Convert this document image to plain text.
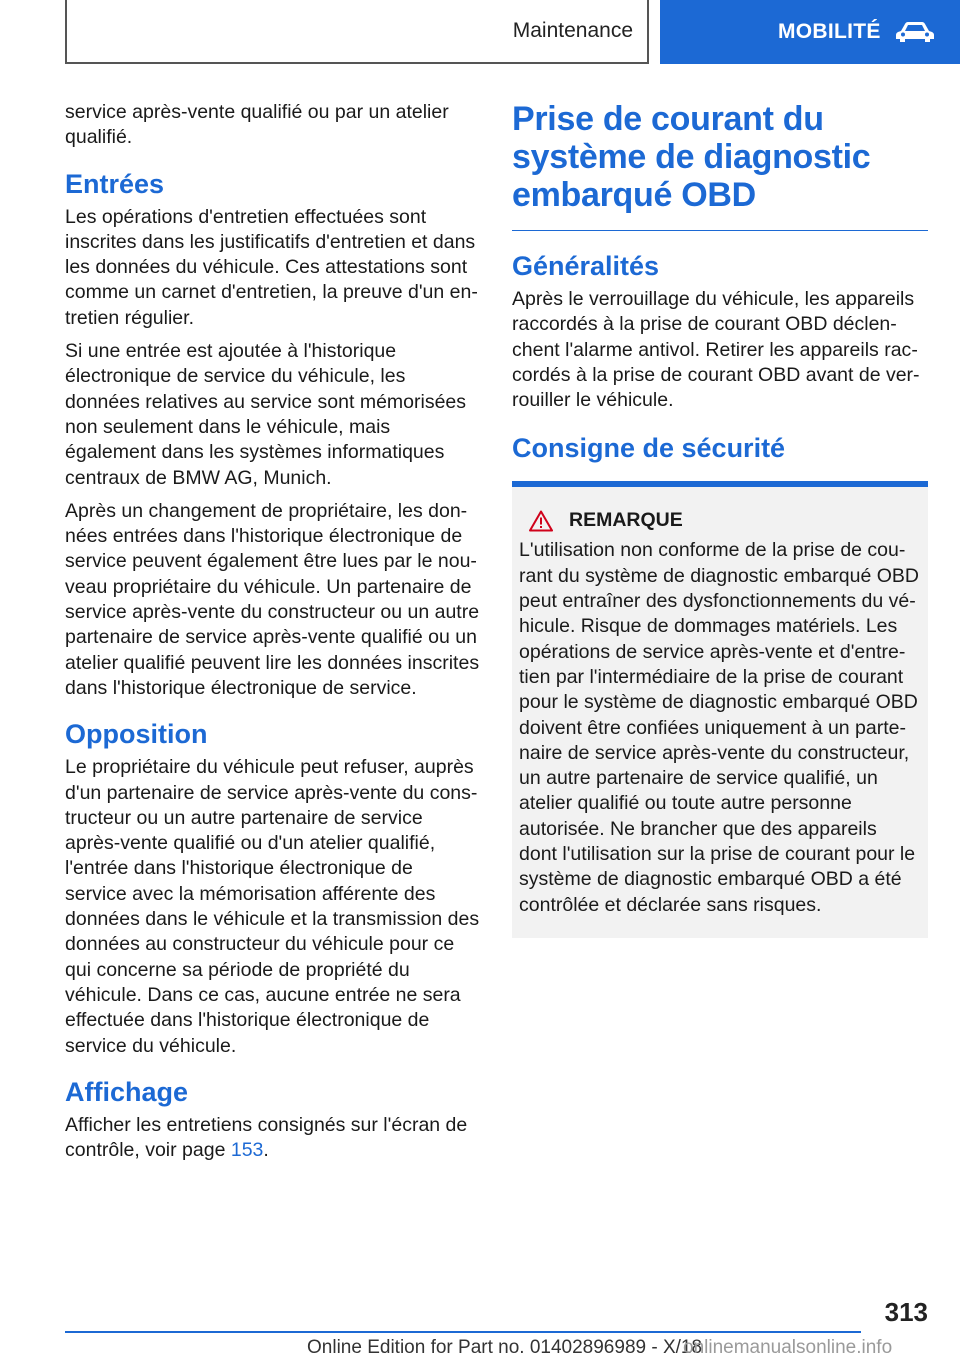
Maintenance	MOBILITÉ

service après-vente qualifié ou par un atelier qualifié.

Entrées

Les opérations d'entretien effectuées sont inscrites dans les justificatifs d'entretien et dans les données du véhicule. Ces attestations sont comme un carnet d'entretien, la preuve d'un entretien régulier.

Si une entrée est ajoutée à l'historique électronique de service du véhicule, les données relatives au service sont mémorisées non seulement dans le véhicule, mais également dans les systèmes informatiques centraux de BMW AG, Munich.

Après un changement de propriétaire, les données entrées dans l'historique électronique de service peuvent également être lues par le nouveau propriétaire du véhicule. Un partenaire de service après-vente du constructeur ou un autre partenaire de service après-vente qualifié ou un atelier qualifié peuvent lire les données inscrites dans l'historique électronique de service.

Opposition

Le propriétaire du véhicule peut refuser, auprès d'un partenaire de service après-vente du constructeur ou un autre partenaire de service après-vente qualifié ou d'un atelier qualifié, l'entrée dans l'historique électronique de service avec la mémorisation afférente des données dans le véhicule et la transmission des données au constructeur du véhicule pour ce qui concerne sa période de propriété du véhicule. Dans ce cas, aucune entrée ne sera effectuée dans l'historique électronique de service du véhicule.

Affichage

Afficher les entretiens consignés sur l'écran de contrôle, voir page 153.

Prise de courant du système de diagnostic embarqué OBD
Généralités

Après le verrouillage du véhicule, les appareils raccordés à la prise de courant OBD déclenchent l'alarme antivol. Retirer les appareils raccordés à la prise de courant OBD avant de verrouiller le véhicule.

Consigne de sécurité
REMARQUE

L'utilisation non conforme de la prise de courant du système de diagnostic embarqué OBD peut entraîner des dysfonctionnements du véhicule. Risque de dommages matériels. Les opérations de service après-vente et d'entretien par l'intermédiaire de la prise de courant pour le système de diagnostic embarqué OBD doivent être confiées uniquement à un partenaire de service après-vente du constructeur, un autre partenaire de service qualifié, un atelier qualifié ou toute autre personne autorisée. Ne brancher que des appareils dont l'utilisation sur la prise de courant pour le système de diagnostic embarqué OBD a été contrôlée et déclarée sans risques.

313
Online Edition for Part no. 01402896989 - X/18
onlinemanualsonline.info
